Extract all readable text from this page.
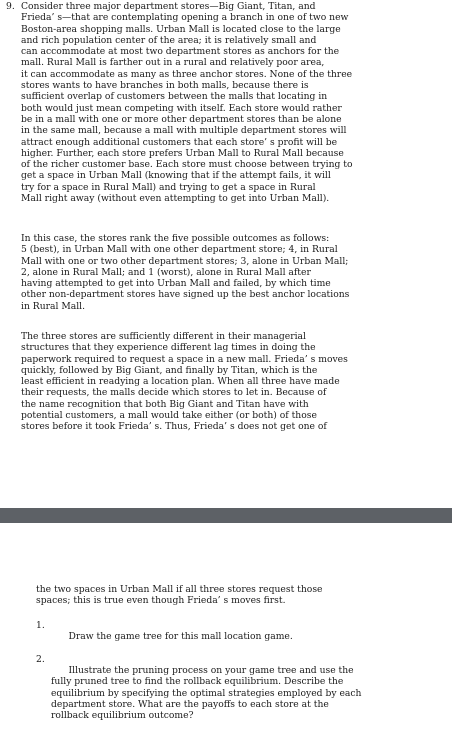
9. Consider three major department stores—Big Giant, Titan, and
Frieda’ s—that are contemplating opening a branch in one of two new
Boston-area shopping malls. Urban Mall is located close to the large
and rich population center of the area; it is relatively small and
can accommodate at most two department stores as anchors for the
mall. Rural Mall is farther out in a rural and relatively poor area,
it can accommodate as many as three anchor stores. None of the three
stores wants to have branches in both malls, because there is
sufficient overlap of customers between the malls that locating in
both would just mean competing with itself. Each store would rather
be in a mall with one or more other department stores than be alone
in the same mall, because a mall with multiple department stores will
attract enough additional customers that each store’ s profit will be
higher. Further, each store prefers Urban Mall to Rural Mall because
of the richer customer base. Each store must choose between trying to
get a space in Urban Mall (knowing that if the attempt fails, it will
try for a space in Rural Mall) and trying to get a space in Rural
Mall right away (without even attempting to get into Urban Mall).
In this case, the stores rank the five possible outcomes as follows:
5 (best), in Urban Mall with one other department store; 4, in Rural
Mall with one or two other department stores; 3, alone in Urban Mall;
2, alone in Rural Mall; and 1 (worst), alone in Rural Mall after
having attempted to get into Urban Mall and failed, by which time
other non-department stores have signed up the best anchor locations
in Rural Mall.
The three stores are sufficiently different in their managerial
structures that they experience different lag times in doing the
paperwork required to request a space in a new mall. Frieda’ s moves
quickly, followed by Big Giant, and finally by Titan, which is the
least efficient in readying a location plan. When all three have made
their requests, the malls decide which stores to let in. Because of
the name recognition that both Big Giant and Titan have with
potential customers, a mall would take either (or both) of those
stores before it took Frieda’ s. Thus, Frieda’ s does not get one of
the two spaces in Urban Mall if all three stores request those
spaces; this is true even though Frieda’ s moves first.

1.
Draw the game tree for this mall location game.

2.
Illustrate the pruning process on your game tree and use the
fully pruned tree to find the rollback equilibrium. Describe the
equilibrium by specifying the optimal strategies employed by each
department store. What are the payoffs to each store at the
rollback equilibrium outcome?
